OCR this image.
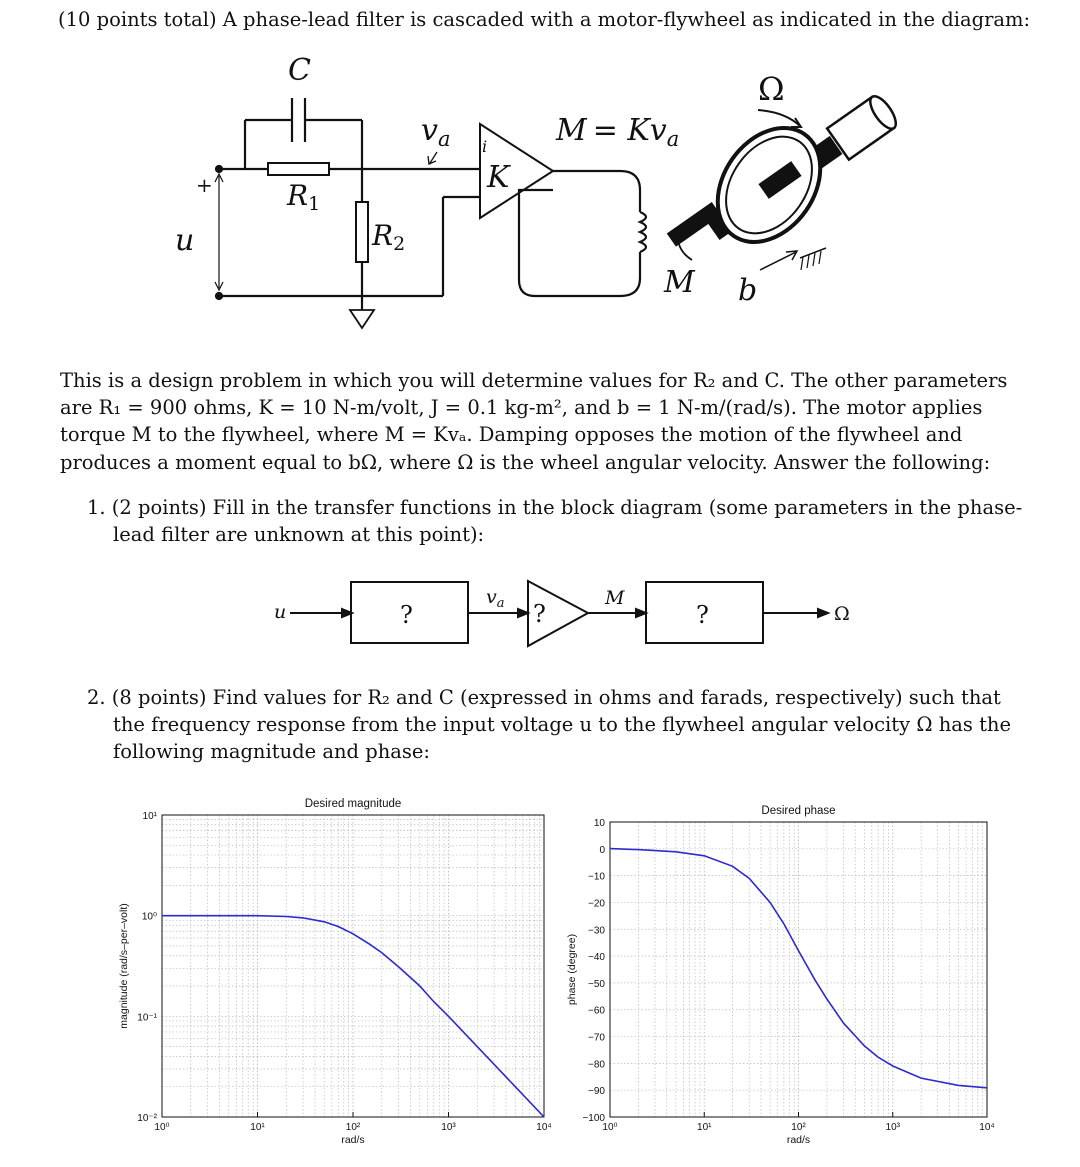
(10 points total) A phase-lead filter is cascaded with a motor-flywheel as indicated in the diagram:
C
R1
R2
$v_a$ i
K
u
+
$M = Kv_a$
Ω
M b
This is a design problem in which you will determine values for R₂ and C. The other parameters
are R₁ = 900 ohms, K = 10 N-m/volt, J = 0.1 kg-m², and b = 1 N-m/(rad/s). The motor applies
torque M to the flywheel, where M = Kvₐ. Damping opposes the motion of the flywheel and
produces a moment equal to bΩ, where Ω is the wheel angular velocity. Answer the following:
1. (2 points) Fill in the transfer functions in the block diagram (some parameters in the phase-
lead filter are unknown at this point):
u	?
$v_a$ ?
M
?	Ω
2. (8 points) Find values for R₂ and C (expressed in ohms and farads, respectively) such that
the frequency response from the input voltage u to the flywheel angular velocity Ω has the
following magnitude and phase:
10⁰	10¹	10²	10³	10⁴
10¹
10⁰
10⁻¹
10⁻²
Desired magnitude
rad/s
magnitude (rad/s–per–volt)
10⁰	10¹	10²	10³	10⁴
10
0
−10
−20
−30
−40
−50
−60
−70
−80
−90
−100
Desired phase
rad/s
phase (degree)
